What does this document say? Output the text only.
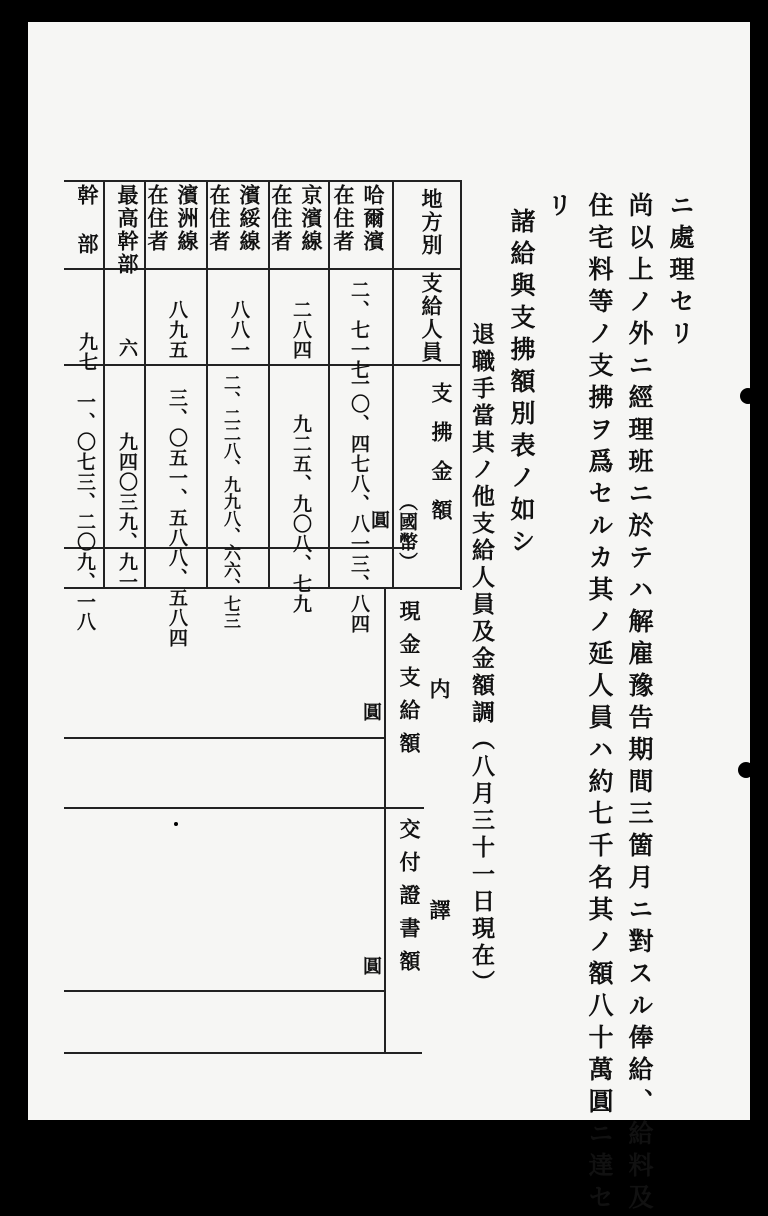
ニ處理セリ
尚以上ノ外ニ經理班ニ於テハ解雇豫告期間三箇月ニ對スル俸給、給料及
住宅料等ノ支拂ヲ爲セルカ其ノ延人員ハ約七千名其ノ額八十萬圓ニ達セ
リ
諸給與支拂額別表ノ如シ
退職手當其ノ他支給人員及金額調（八月三十一日現在）
地方別
支給人員
支拂金額
（國幣）
圓
哈爾濱在住者
二、七一七
一〇、四七八、八一三、八四
京濱線在住者
二八四
九二五、九〇八、七九
濱綏線在住者
八八一
二、二二八、九九八、六六、七三
濱洲線在住者
八九五
三、〇五一、五八八、五八四
最高幹部
六
九四〇三九、九一
幹部
九七
一、〇七三、二〇九、一八
内譯
現金支給額
圓
交付證書額
圓
